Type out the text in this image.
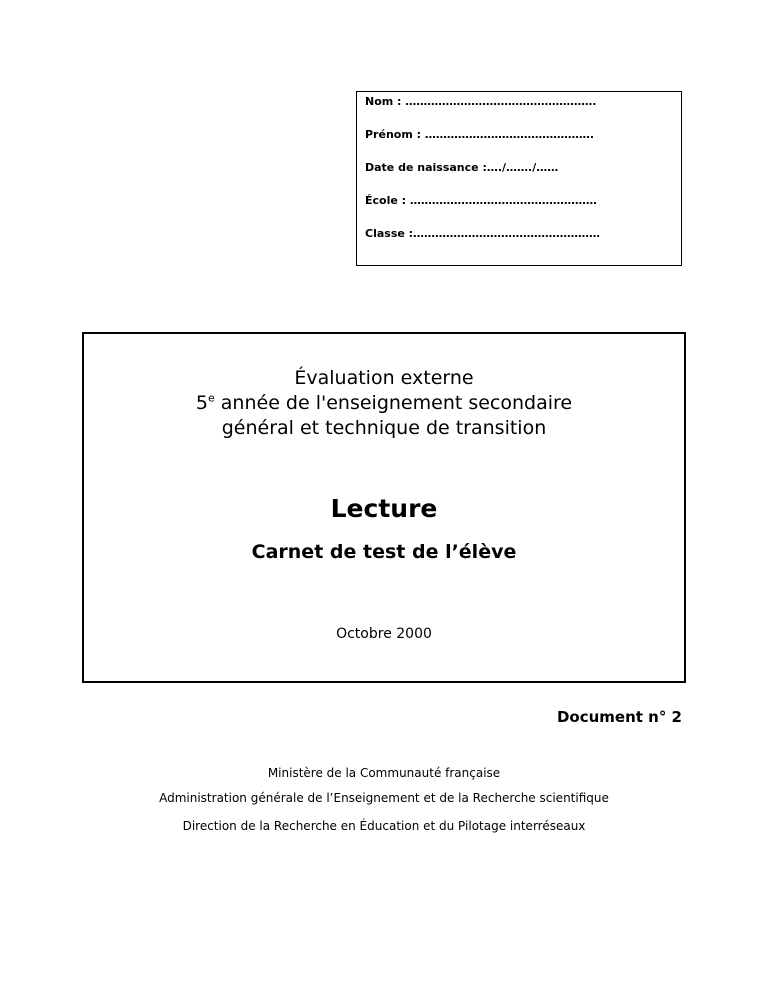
Nom : …………………………………………….

Prénom : ……………………………………….

Date de naissance :…./……./……

École : ……………………………………………

Classe :……………………………………………

Évaluation externe
5e année de l'enseignement secondaire
général et technique de transition
Lecture
Carnet de test de l’élève
Octobre 2000
Document n° 2
Ministère de la Communauté française
Administration générale de l’Enseignement et de la Recherche scientifique
Direction de la Recherche en Éducation et du Pilotage interréseaux
